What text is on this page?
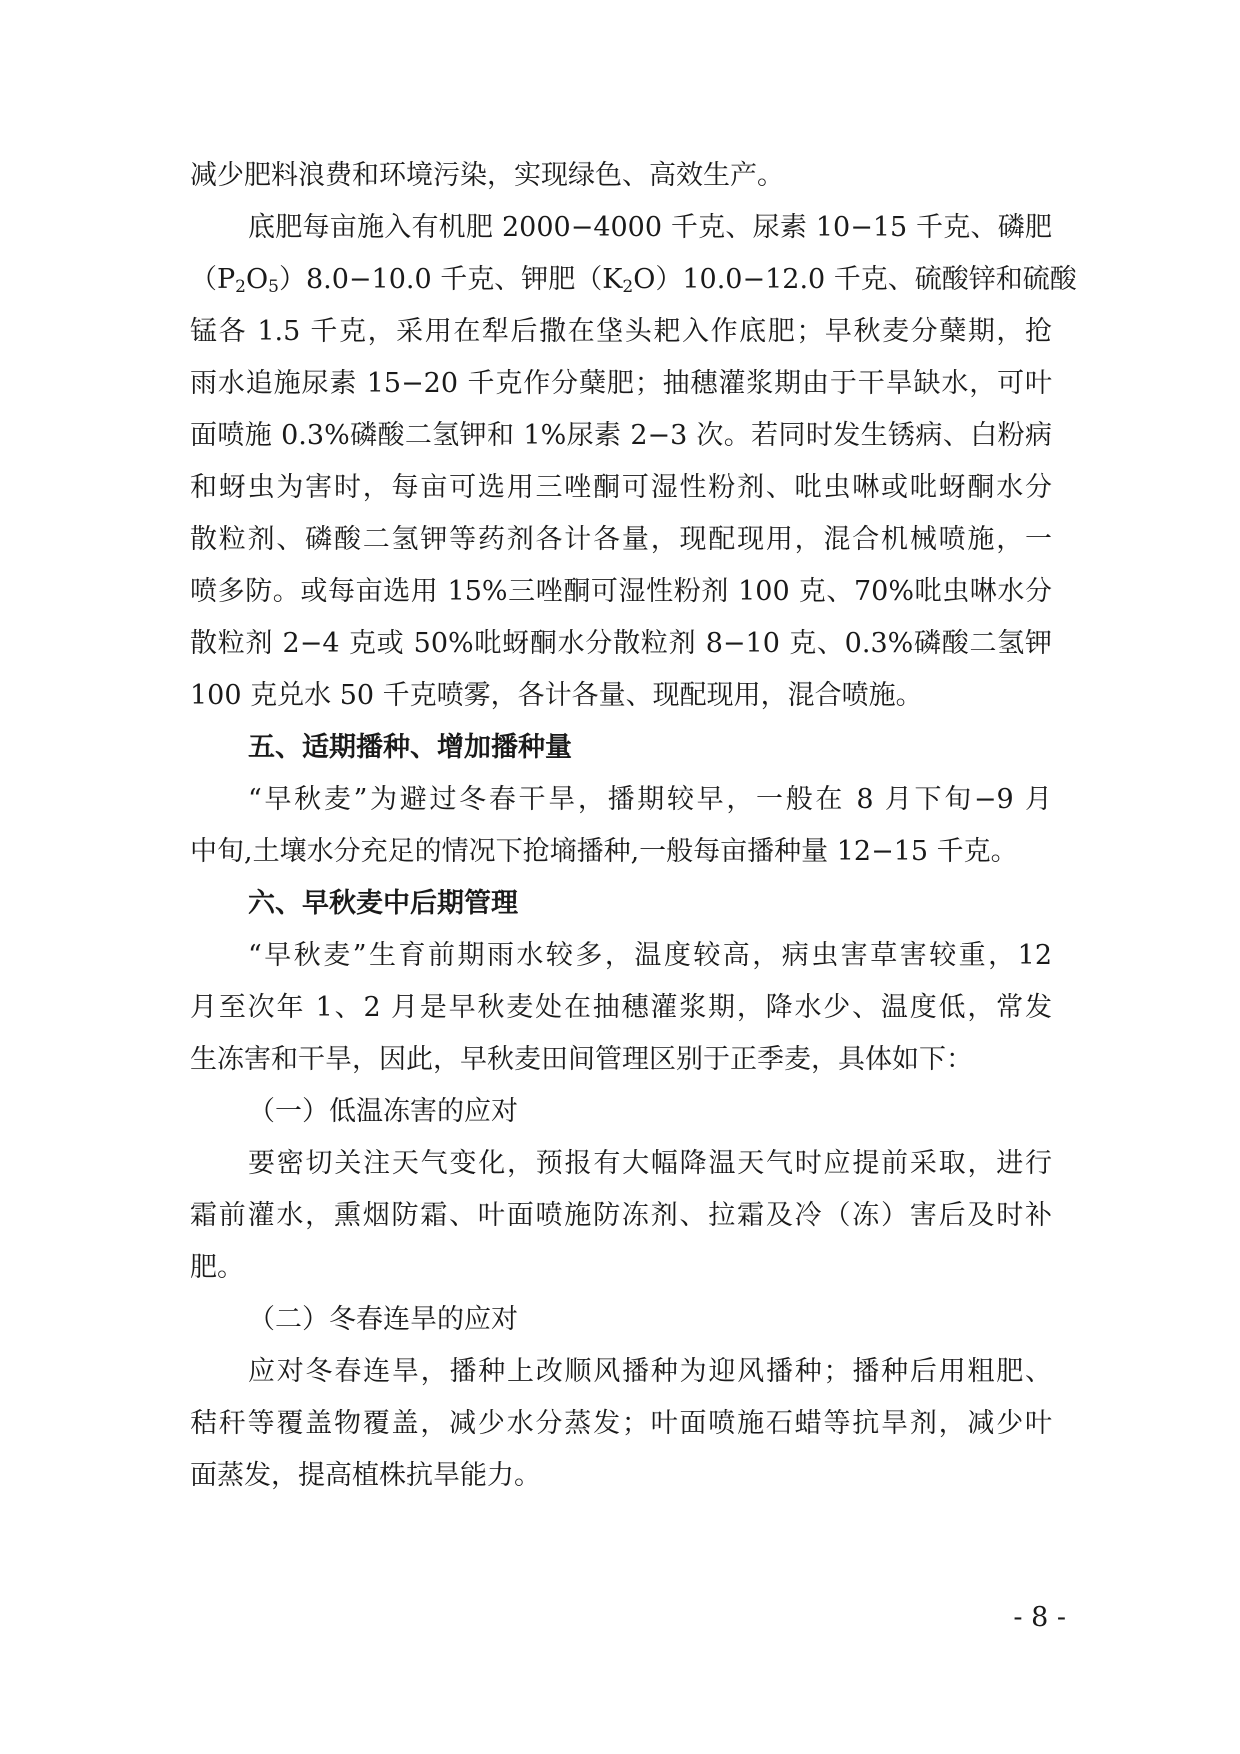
减少肥料浪费和环境污染，实现绿色、高效生产。
底肥每亩施入有机肥 2000−4000 千克、尿素 10−15 千克、磷肥
$(P_2O_5)8.0-10.0$ 千克、钾肥$(K_2O)10.0-12.0$ 千克、硫酸锌和硫酸
锰各 1.5 千克，采用在犁后撒在垡头耙入作底肥；早秋麦分蘖期，抢
雨水追施尿素 15−20 千克作分蘖肥；抽穗灌浆期由于干旱缺水，可叶
面喷施 0.3%磷酸二氢钾和 1%尿素 2−3 次。若同时发生锈病、白粉病
和蚜虫为害时，每亩可选用三唑酮可湿性粉剂、吡虫啉或吡蚜酮水分
散粒剂、磷酸二氢钾等药剂各计各量，现配现用，混合机械喷施，一
喷多防。或每亩选用 15%三唑酮可湿性粉剂 100 克、70%吡虫啉水分
散粒剂 2−4 克或 50%吡蚜酮水分散粒剂 8−10 克、0.3%磷酸二氢钾
100 克兑水 50 千克喷雾，各计各量、现配现用，混合喷施。
五、适期播种、增加播种量
“早秋麦”为避过冬春干旱，播期较早，一般在 8 月下旬−9 月
中旬,土壤水分充足的情况下抢墒播种,一般每亩播种量 12−15 千克。
六、早秋麦中后期管理
“早秋麦”生育前期雨水较多，温度较高，病虫害草害较重，12
月至次年 1、2 月是早秋麦处在抽穗灌浆期，降水少、温度低，常发
生冻害和干旱，因此，早秋麦田间管理区别于正季麦，具体如下：
（一）低温冻害的应对
要密切关注天气变化，预报有大幅降温天气时应提前采取，进行
霜前灌水，熏烟防霜、叶面喷施防冻剂、拉霜及冷（冻）害后及时补
肥。
（二）冬春连旱的应对
应对冬春连旱，播种上改顺风播种为迎风播种；播种后用粗肥、
秸秆等覆盖物覆盖，减少水分蒸发；叶面喷施石蜡等抗旱剂，减少叶
面蒸发，提高植株抗旱能力。
- 8 -
